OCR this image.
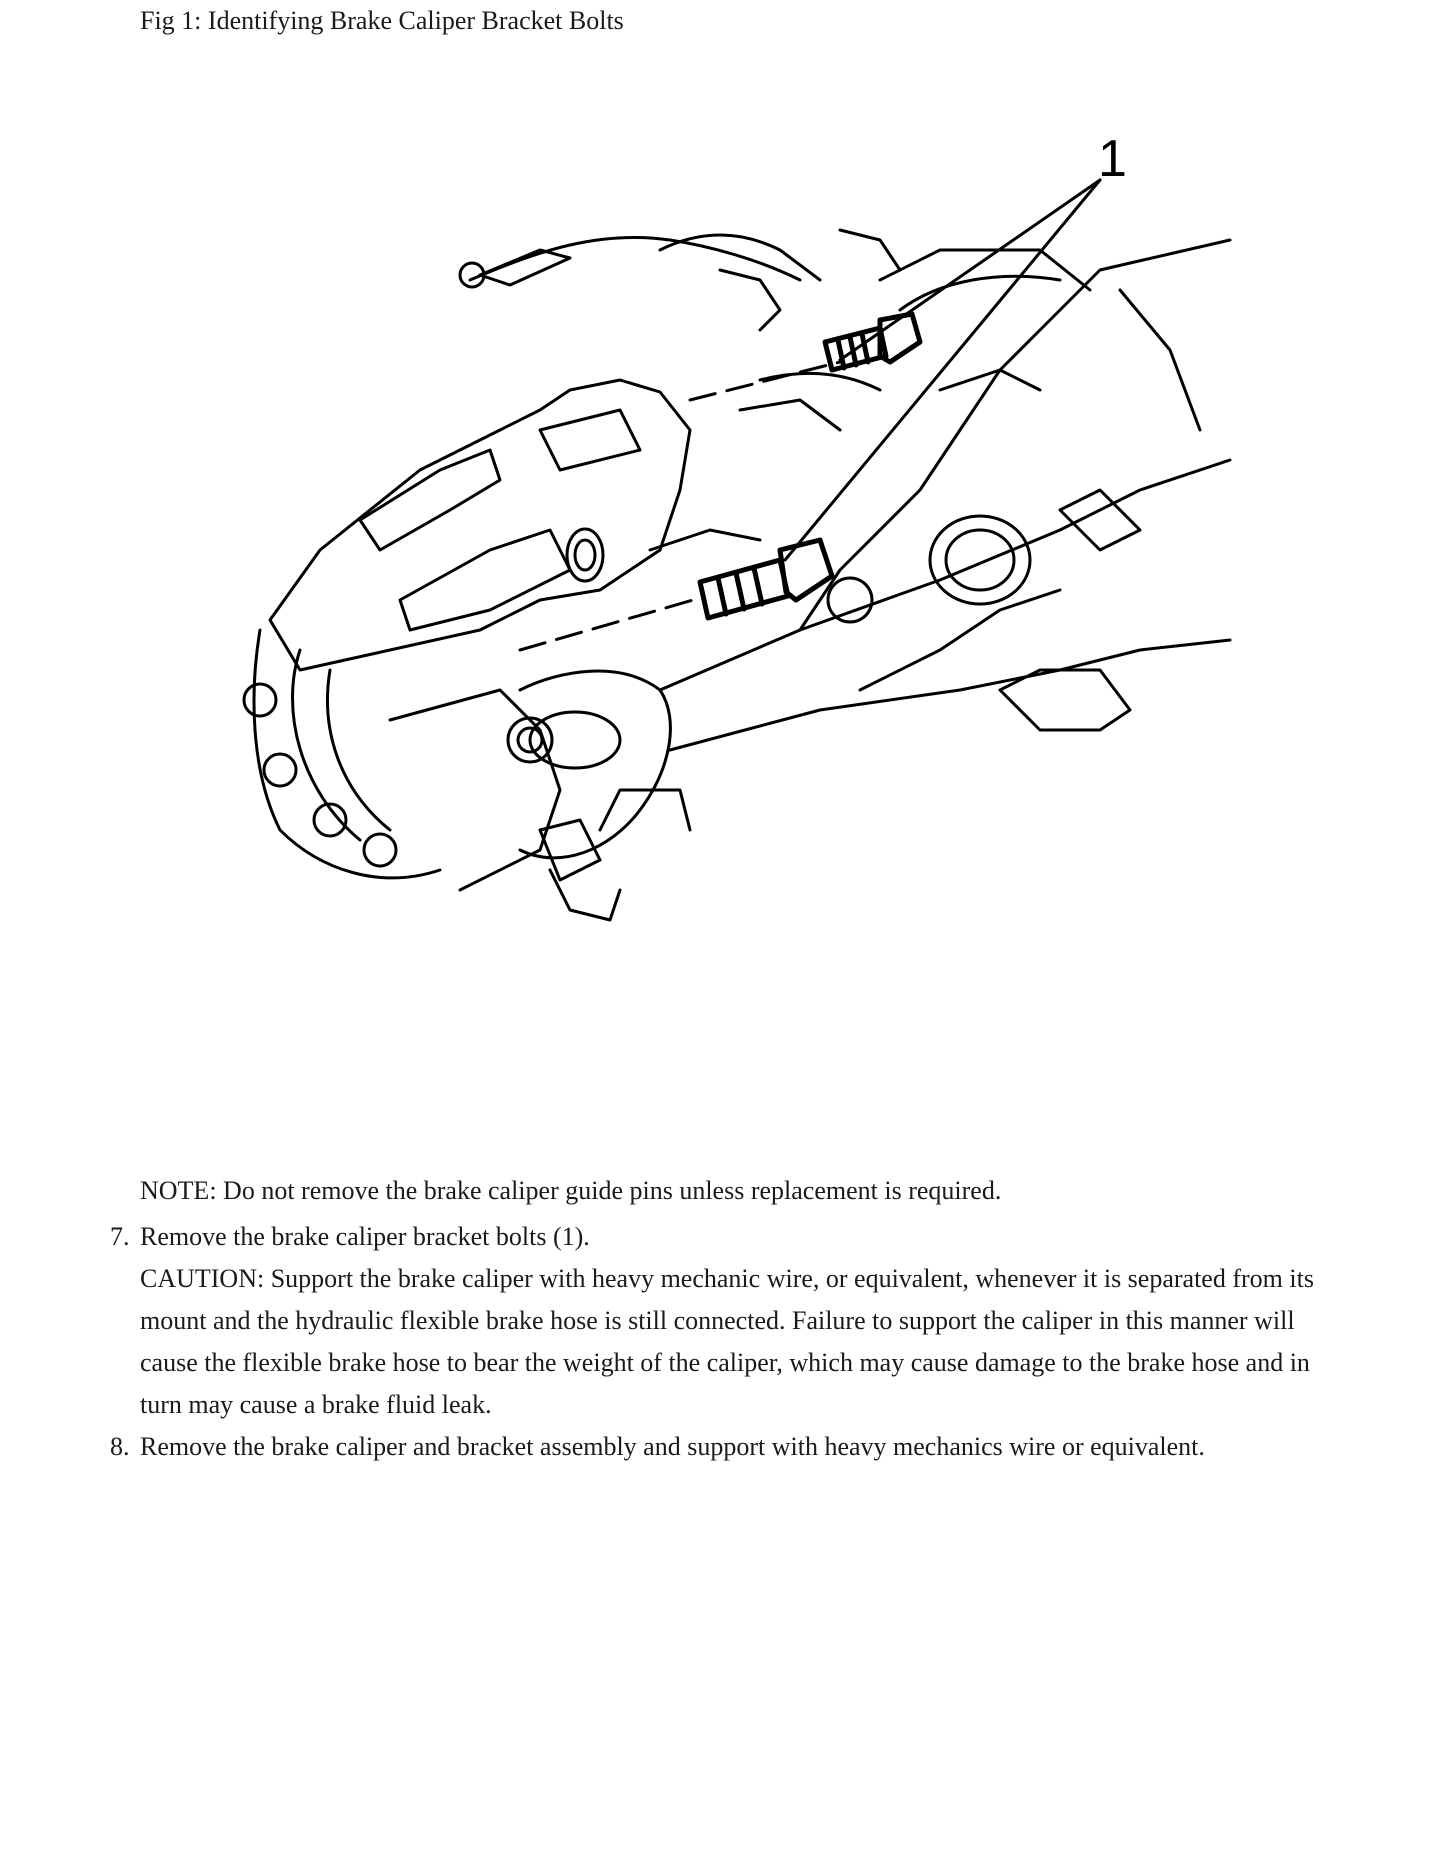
Fig 1: Identifying Brake Caliper Bracket Bolts
1
NOTE: Do not remove the brake caliper guide pins unless replacement is required.
7. Remove the brake caliper bracket bolts (1).

CAUTION: Support the brake caliper with heavy mechanic wire, or equivalent, whenever it is separated from its mount and the hydraulic flexible brake hose is still connected. Failure to support the caliper in this manner will cause the flexible brake hose to bear the weight of the caliper, which may cause damage to the brake hose and in turn may cause a brake fluid leak.

8. Remove the brake caliper and bracket assembly and support with heavy mechanics wire or equivalent.
